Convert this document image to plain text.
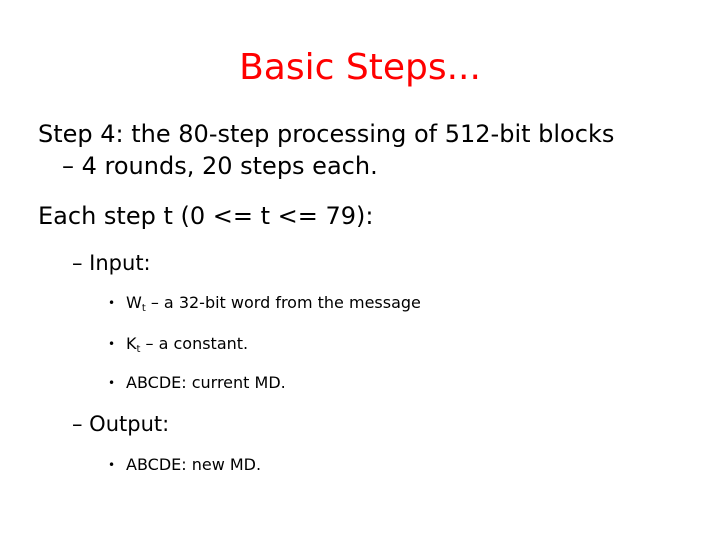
Basic Steps...
Step 4: the 80-step processing of 512-bit blocks
– 4 rounds, 20 steps each.
Each step t (0 <= t <= 79):
– Input:
• $W_t$ – a 32-bit word from the message
• $K_t$ – a constant.
• ABCDE: current MD.
– Output:
• ABCDE: new MD.
